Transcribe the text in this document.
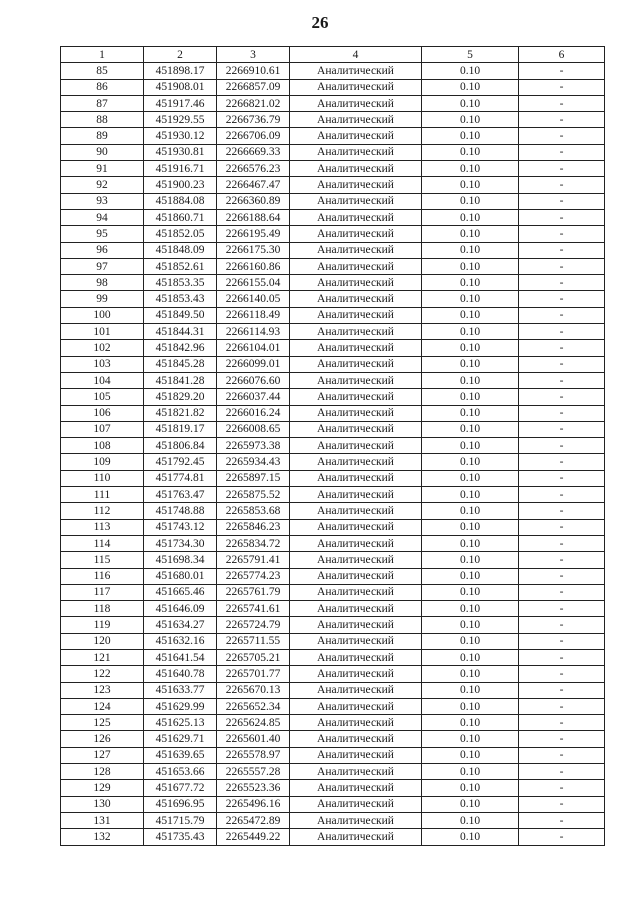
26
1	2	3	4	5	6
85	451898.17	2266910.61	Аналитический	0.10	-
86	451908.01	2266857.09	Аналитический	0.10	-
87	451917.46	2266821.02	Аналитический	0.10	-
88	451929.55	2266736.79	Аналитический	0.10	-
89	451930.12	2266706.09	Аналитический	0.10	-
90	451930.81	2266669.33	Аналитический	0.10	-
91	451916.71	2266576.23	Аналитический	0.10	-
92	451900.23	2266467.47	Аналитический	0.10	-
93	451884.08	2266360.89	Аналитический	0.10	-
94	451860.71	2266188.64	Аналитический	0.10	-
95	451852.05	2266195.49	Аналитический	0.10	-
96	451848.09	2266175.30	Аналитический	0.10	-
97	451852.61	2266160.86	Аналитический	0.10	-
98	451853.35	2266155.04	Аналитический	0.10	-
99	451853.43	2266140.05	Аналитический	0.10	-
100	451849.50	2266118.49	Аналитический	0.10	-
101	451844.31	2266114.93	Аналитический	0.10	-
102	451842.96	2266104.01	Аналитический	0.10	-
103	451845.28	2266099.01	Аналитический	0.10	-
104	451841.28	2266076.60	Аналитический	0.10	-
105	451829.20	2266037.44	Аналитический	0.10	-
106	451821.82	2266016.24	Аналитический	0.10	-
107	451819.17	2266008.65	Аналитический	0.10	-
108	451806.84	2265973.38	Аналитический	0.10	-
109	451792.45	2265934.43	Аналитический	0.10	-
110	451774.81	2265897.15	Аналитический	0.10	-
111	451763.47	2265875.52	Аналитический	0.10	-
112	451748.88	2265853.68	Аналитический	0.10	-
113	451743.12	2265846.23	Аналитический	0.10	-
114	451734.30	2265834.72	Аналитический	0.10	-
115	451698.34	2265791.41	Аналитический	0.10	-
116	451680.01	2265774.23	Аналитический	0.10	-
117	451665.46	2265761.79	Аналитический	0.10	-
118	451646.09	2265741.61	Аналитический	0.10	-
119	451634.27	2265724.79	Аналитический	0.10	-
120	451632.16	2265711.55	Аналитический	0.10	-
121	451641.54	2265705.21	Аналитический	0.10	-
122	451640.78	2265701.77	Аналитический	0.10	-
123	451633.77	2265670.13	Аналитический	0.10	-
124	451629.99	2265652.34	Аналитический	0.10	-
125	451625.13	2265624.85	Аналитический	0.10	-
126	451629.71	2265601.40	Аналитический	0.10	-
127	451639.65	2265578.97	Аналитический	0.10	-
128	451653.66	2265557.28	Аналитический	0.10	-
129	451677.72	2265523.36	Аналитический	0.10	-
130	451696.95	2265496.16	Аналитический	0.10	-
131	451715.79	2265472.89	Аналитический	0.10	-
132	451735.43	2265449.22	Аналитический	0.10	-
